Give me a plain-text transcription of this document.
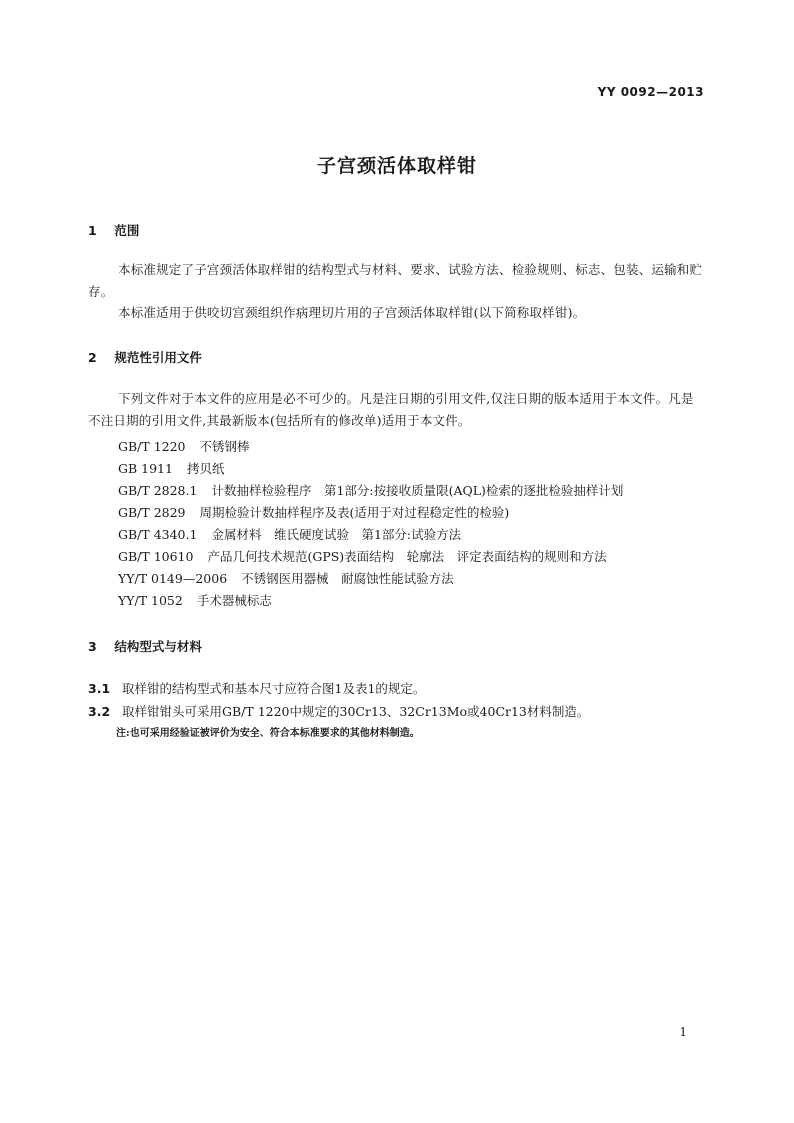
YY 0092—2013
子宫颈活体取样钳
1 范围
本标准规定了子宫颈活体取样钳的结构型式与材料、要求、试验方法、检验规则、标志、包装、运输和贮存。
本标准适用于供咬切宫颈组织作病理切片用的子宫颈活体取样钳(以下简称取样钳)。
2 规范性引用文件
下列文件对于本文件的应用是必不可少的。凡是注日期的引用文件,仅注日期的版本适用于本文件。凡是不注日期的引用文件,其最新版本(包括所有的修改单)适用于本文件。
GB/T 1220 不锈钢棒
GB 1911 拷贝纸
GB/T 2828.1 计数抽样检验程序　第1部分:按接收质量限(AQL)检索的逐批检验抽样计划
GB/T 2829 周期检验计数抽样程序及表(适用于对过程稳定性的检验)
GB/T 4340.1 金属材料　维氏硬度试验　第1部分:试验方法
GB/T 10610 产品几何技术规范(GPS)表面结构　轮廓法　评定表面结构的规则和方法
YY/T 0149—2006 不锈钢医用器械　耐腐蚀性能试验方法
YY/T 1052 手术器械标志
3 结构型式与材料
3.1 取样钳的结构型式和基本尺寸应符合图1及表1的规定。
3.2 取样钳钳头可采用GB/T 1220中规定的30Cr13、32Cr13Mo或40Cr13材料制造。
注:也可采用经验证被评价为安全、符合本标准要求的其他材料制造。
1
